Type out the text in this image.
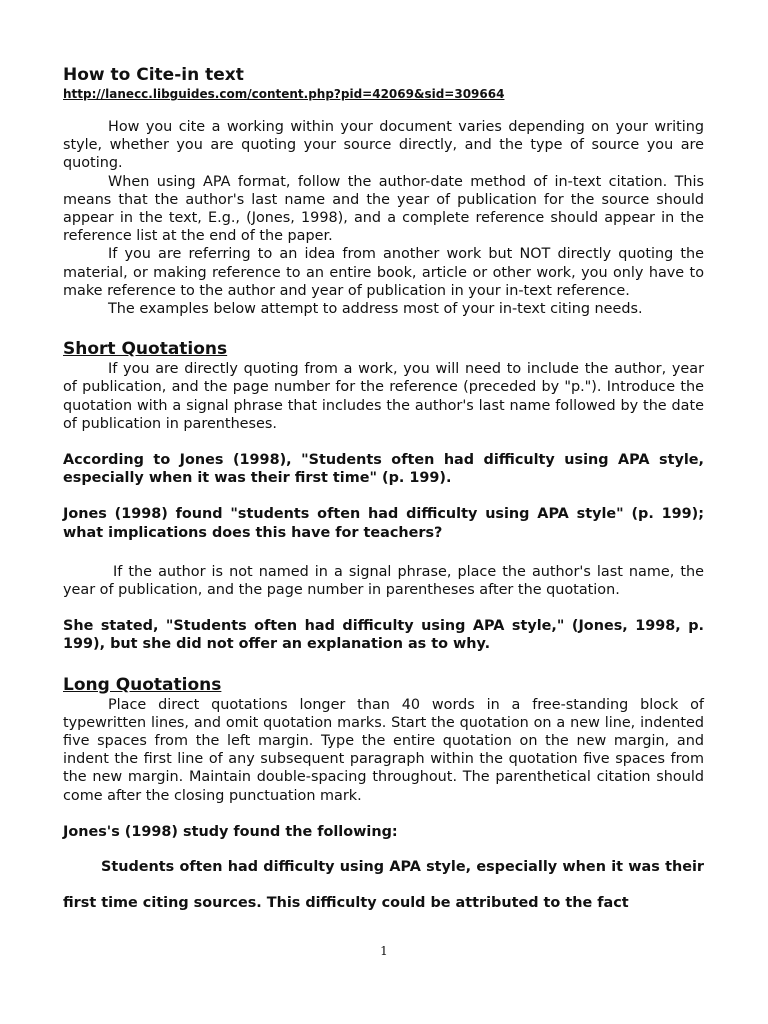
How to Cite-in text
http://lanecc.libguides.com/content.php?pid=42069&sid=309664

How you cite a working within your document varies depending on your writing style, whether you are quoting your source directly, and the type of source you are quoting.

When using APA format, follow the author-date method of in-text citation. This means that the author's last name and the year of publication for the source should appear in the text, E.g., (Jones, 1998), and a complete reference should appear in the reference list at the end of the paper.

If you are referring to an idea from another work but NOT directly quoting the material, or making reference to an entire book, article or other work, you only have to make reference to the author and year of publication in your in-text reference.

The examples below attempt to address most of your in-text citing needs.

Short Quotations

If you are directly quoting from a work, you will need to include the author, year of publication, and the page number for the reference (preceded by "p."). Introduce the quotation with a signal phrase that includes the author's last name followed by the date of publication in parentheses.

According to Jones (1998), "Students often had difficulty using APA style, especially when it was their first time" (p. 199).

Jones (1998) found "students often had difficulty using APA style" (p. 199); what implications does this have for teachers?

If the author is not named in a signal phrase, place the author's last name, the year of publication, and the page number in parentheses after the quotation.

She stated, "Students often had difficulty using APA style," (Jones, 1998, p. 199), but she did not offer an explanation as to why.

Long Quotations

Place direct quotations longer than 40 words in a free-standing block of typewritten lines, and omit quotation marks. Start the quotation on a new line, indented five spaces from the left margin. Type the entire quotation on the new margin, and indent the first line of any subsequent paragraph within the quotation five spaces from the new margin. Maintain double-spacing throughout. The parenthetical citation should come after the closing punctuation mark.

Jones's (1998) study found the following:

Students often had difficulty using APA style, especially when it was their first time citing sources. This difficulty could be attributed to the fact

1
